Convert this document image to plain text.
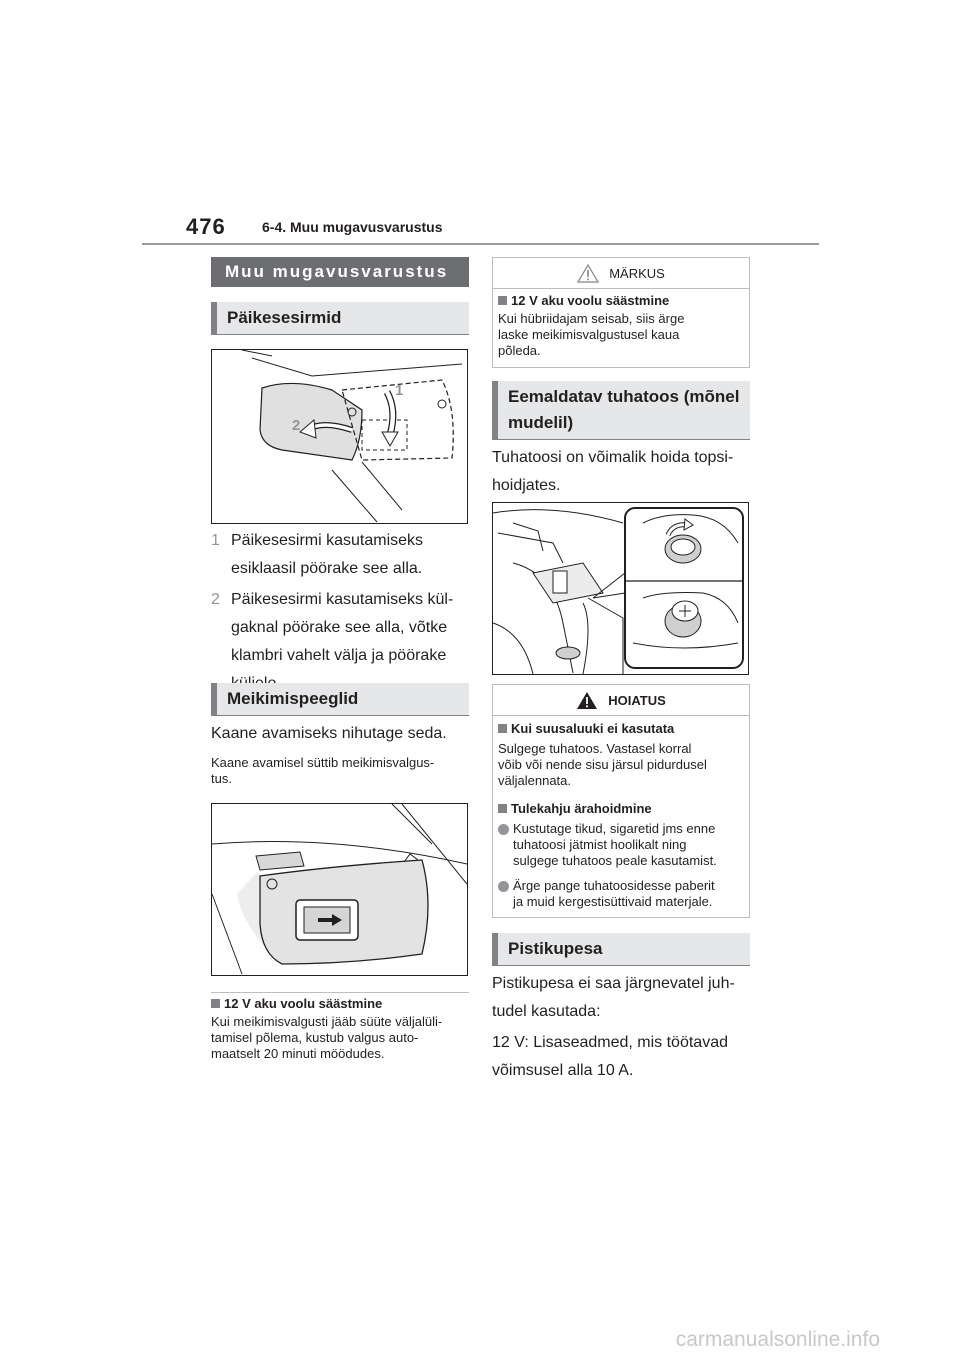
476	6-4. Muu mugavusvarustus
Muu mugavusvarustus
Päikesesirmid
1
2
1 Päikesesirmi kasutamiseks
esiklaasil pöörake see alla.
2 Päikesesirmi kasutamiseks kül-
gaknal pöörake see alla, võtke
klambri vahelt välja ja pöörake
Meikimispeeglid
Kaane avamiseks nihutage seda.
Kaane avamisel süttib meikimisvalgus-
tus.
12 V aku voolu säästmine
Kui meikimisvalgusti jääb süüte väljalüli-
tamisel põlema, kustub valgus auto-
maatselt 20 minuti möödudes.
MÄRKUS
12 V aku voolu säästmine
Kui hübriidajam seisab, siis ärge
laske meikimisvalgustusel kaua
põleda.
Eemaldatav tuhatoos (mõnel
mudelil)
Tuhatoosi on võimalik hoida topsi-
hoidjates.
HOIATUS
Kui suusaluuki ei kasutata
Sulgege tuhatoos. Vastasel korral
võib või nende sisu järsul pidurdusel
väljalennata.
Tulekahju ärahoidmine
Kustutage tikud, sigaretid jms enne
tuhatoosi jätmist hoolikalt ning
sulgege tuhatoos peale kasutamist.
Ärge pange tuhatoosidesse paberit
ja muid kergestisüttivaid materjale.
Pistikupesa
Pistikupesa ei saa järgnevatel juh-
tudel kasutada:
12 V: Lisaseadmed, mis töötavad
võimsusel alla 10 A.
carmanualsonline.info
